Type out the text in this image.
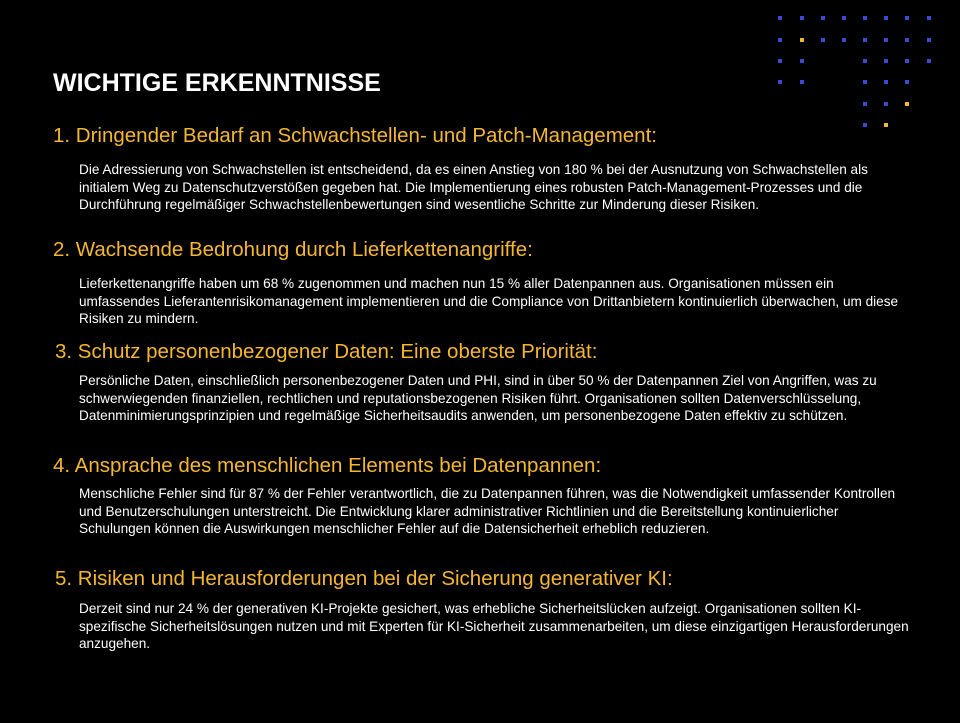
WICHTIGE ERKENNTNISSE
1. Dringender Bedarf an Schwachstellen- und Patch-Management:

Die Adressierung von Schwachstellen ist entscheidend, da es einen Anstieg von 180 % bei der Ausnutzung von Schwachstellen als initialem Weg zu Datenschutzverstößen gegeben hat. Die Implementierung eines robusten Patch-Management-Prozesses und die Durchführung regelmäßiger Schwachstellenbewertungen sind wesentliche Schritte zur Minderung dieser Risiken.

2. Wachsende Bedrohung durch Lieferkettenangriffe:

Lieferkettenangriffe haben um 68 % zugenommen und machen nun 15 % aller Datenpannen aus. Organisationen müssen ein umfassendes Lieferantenrisikomanagement implementieren und die Compliance von Drittanbietern kontinuierlich überwachen, um diese Risiken zu mindern.

3. Schutz personenbezogener Daten: Eine oberste Priorität:

Persönliche Daten, einschließlich personenbezogener Daten und PHI, sind in über 50 % der Datenpannen Ziel von Angriffen, was zu schwerwiegenden finanziellen, rechtlichen und reputationsbezogenen Risiken führt. Organisationen sollten Datenverschlüsselung, Datenminimierungsprinzipien und regelmäßige Sicherheitsaudits anwenden, um personenbezogene Daten effektiv zu schützen.

4. Ansprache des menschlichen Elements bei Datenpannen:

Menschliche Fehler sind für 87 % der Fehler verantwortlich, die zu Datenpannen führen, was die Notwendigkeit umfassender Kontrollen und Benutzerschulungen unterstreicht. Die Entwicklung klarer administrativer Richtlinien und die Bereitstellung kontinuierlicher Schulungen können die Auswirkungen menschlicher Fehler auf die Datensicherheit erheblich reduzieren.

5. Risiken und Herausforderungen bei der Sicherung generativer KI:

Derzeit sind nur 24 % der generativen KI-Projekte gesichert, was erhebliche Sicherheitslücken aufzeigt. Organisationen sollten KI-spezifische Sicherheitslösungen nutzen und mit Experten für KI-Sicherheit zusammenarbeiten, um diese einzigartigen Herausforderungen anzugehen.
